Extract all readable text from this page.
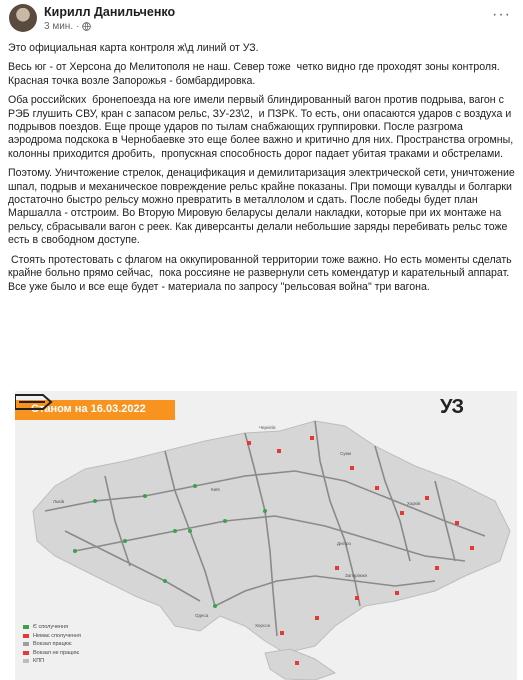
Кирилл Данильченко
3 мин. ·
···

Это официальная карта контроля ж\д линий от УЗ.

Весь юг - от Херсона до Мелитополя не наш. Север тоже  четко видно где проходят зоны контроля. Красная точка возле Запорожья - бомбардировка.

Оба российских  бронепоезда на юге имели первый блиндированный вагон против подрыва, вагон с РЭБ глушить СВУ, кран с запасом рельс, ЗУ-23\2,  и ПЗРК. То есть, они опасаются ударов с воздуха и подрывов поездов. Еще проще ударов по тылам снабжающих группировки. После разгрома аэродрома подскока в Чернобаевке это еще более важно и критично для них. Пространства огромны, колонны приходится дробить,  пропускная способность дорог падает убитая траками и обстрелами.

Поэтому. Уничтожение стрелок, денацификация и демилитаризация электрической сети, уничтожение шпал, подрыв и механическое повреждение рельс крайне показаны. При помощи кувалды и болгарки достаточно быстро рельсу можно превратить в металлолом и сдать. После победы будет план Маршалла - отстроим. Во Вторую Мировую беларусы делали накладки, которые при их монтаже на рельсу, сбрасывали вагон с реек. Как диверсанты делали небольшие заряды перебивать рельс тоже есть в свободном доступе.

Стоять протестовать с флагом на оккупированной территории тоже важно. Но есть моменты сделать крайне больно прямо сейчас,  пока россияне не развернули сеть комендатур и карательный аппарат. Все уже было и все еще будет - материала по запросу "рельсовая война" три вагона.

Станом на 16.03.2022	УЗ
Київ
Чернігів
Суми
Харків
Одеса
Херсон
Запоріжжя
Львів
Дніпро
Є сполучення
Немає сполучення
Вокзал працює
Вокзал не працює
КПП
